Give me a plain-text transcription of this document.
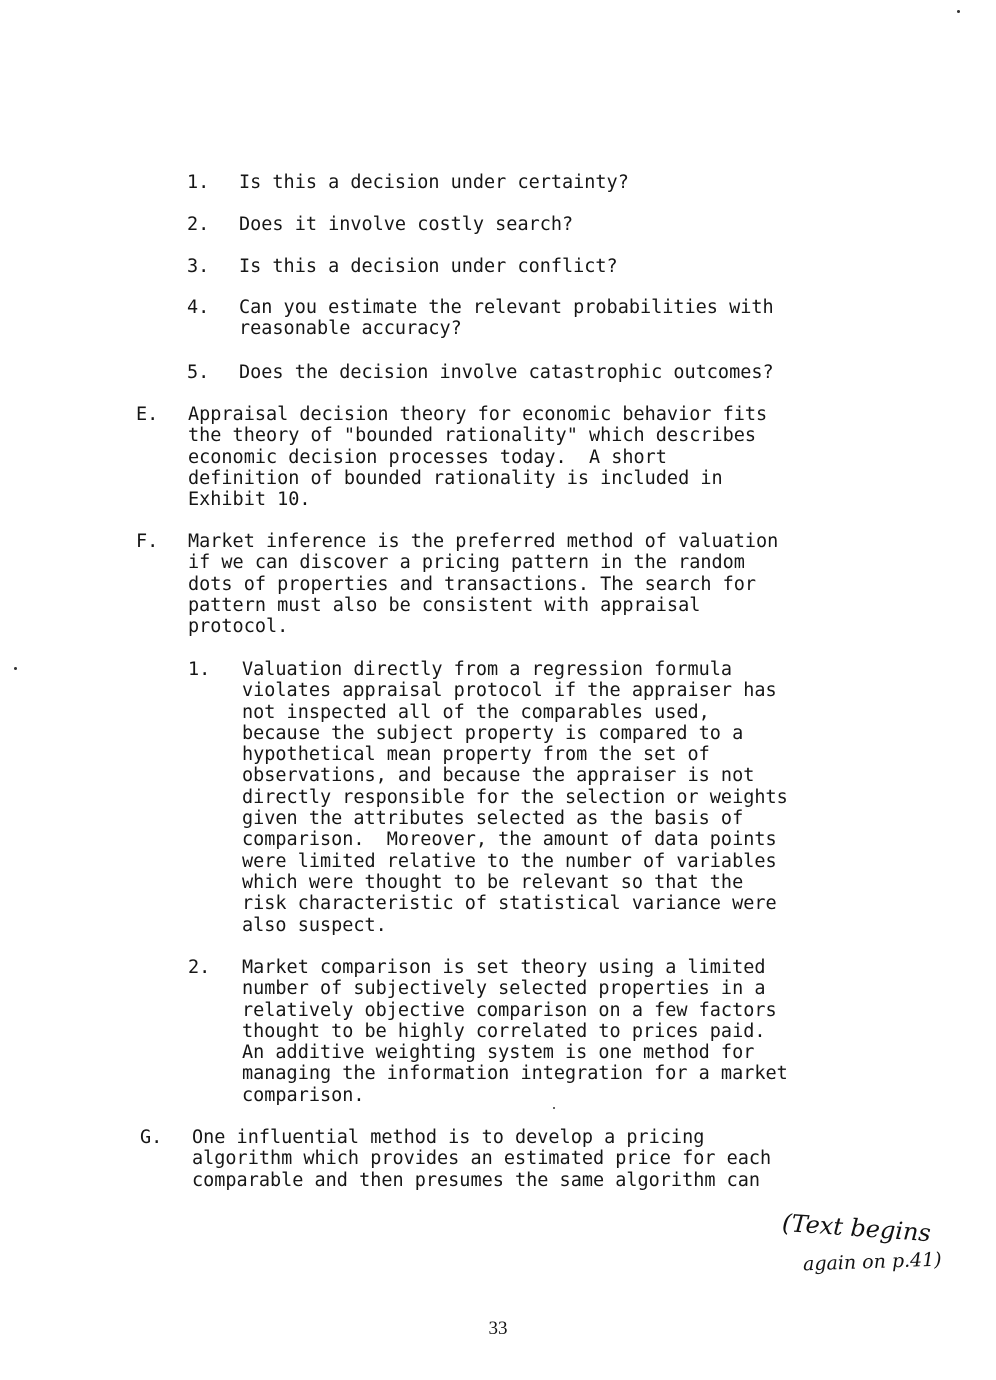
1. Is this a decision under certainty?
2. Does it involve costly search?
3. Is this a decision under conflict?
4. Can you estimate the relevant probabilities with
reasonable accuracy?
5. Does the decision involve catastrophic outcomes?
E. Appraisal decision theory for economic behavior fits
the theory of "bounded rationality" which describes
economic decision processes today.  A short
definition of bounded rationality is included in
Exhibit 10.
F. Market inference is the preferred method of valuation
if we can discover a pricing pattern in the random
dots of properties and transactions. The search for
pattern must also be consistent with appraisal
protocol.
1. Valuation directly from a regression formula
violates appraisal protocol if the appraiser has
not inspected all of the comparables used,
because the subject property is compared to a
hypothetical mean property from the set of
observations, and because the appraiser is not
directly responsible for the selection or weights
given the attributes selected as the basis of
comparison.  Moreover, the amount of data points
were limited relative to the number of variables
which were thought to be relevant so that the
risk characteristic of statistical variance were
also suspect.
2. Market comparison is set theory using a limited
number of subjectively selected properties in a
relatively objective comparison on a few factors
thought to be highly correlated to prices paid.
An additive weighting system is one method for
managing the information integration for a market
comparison.
G. One influential method is to develop a pricing
algorithm which provides an estimated price for each
comparable and then presumes the same algorithm can
(Text begins
again on p.41)
33
